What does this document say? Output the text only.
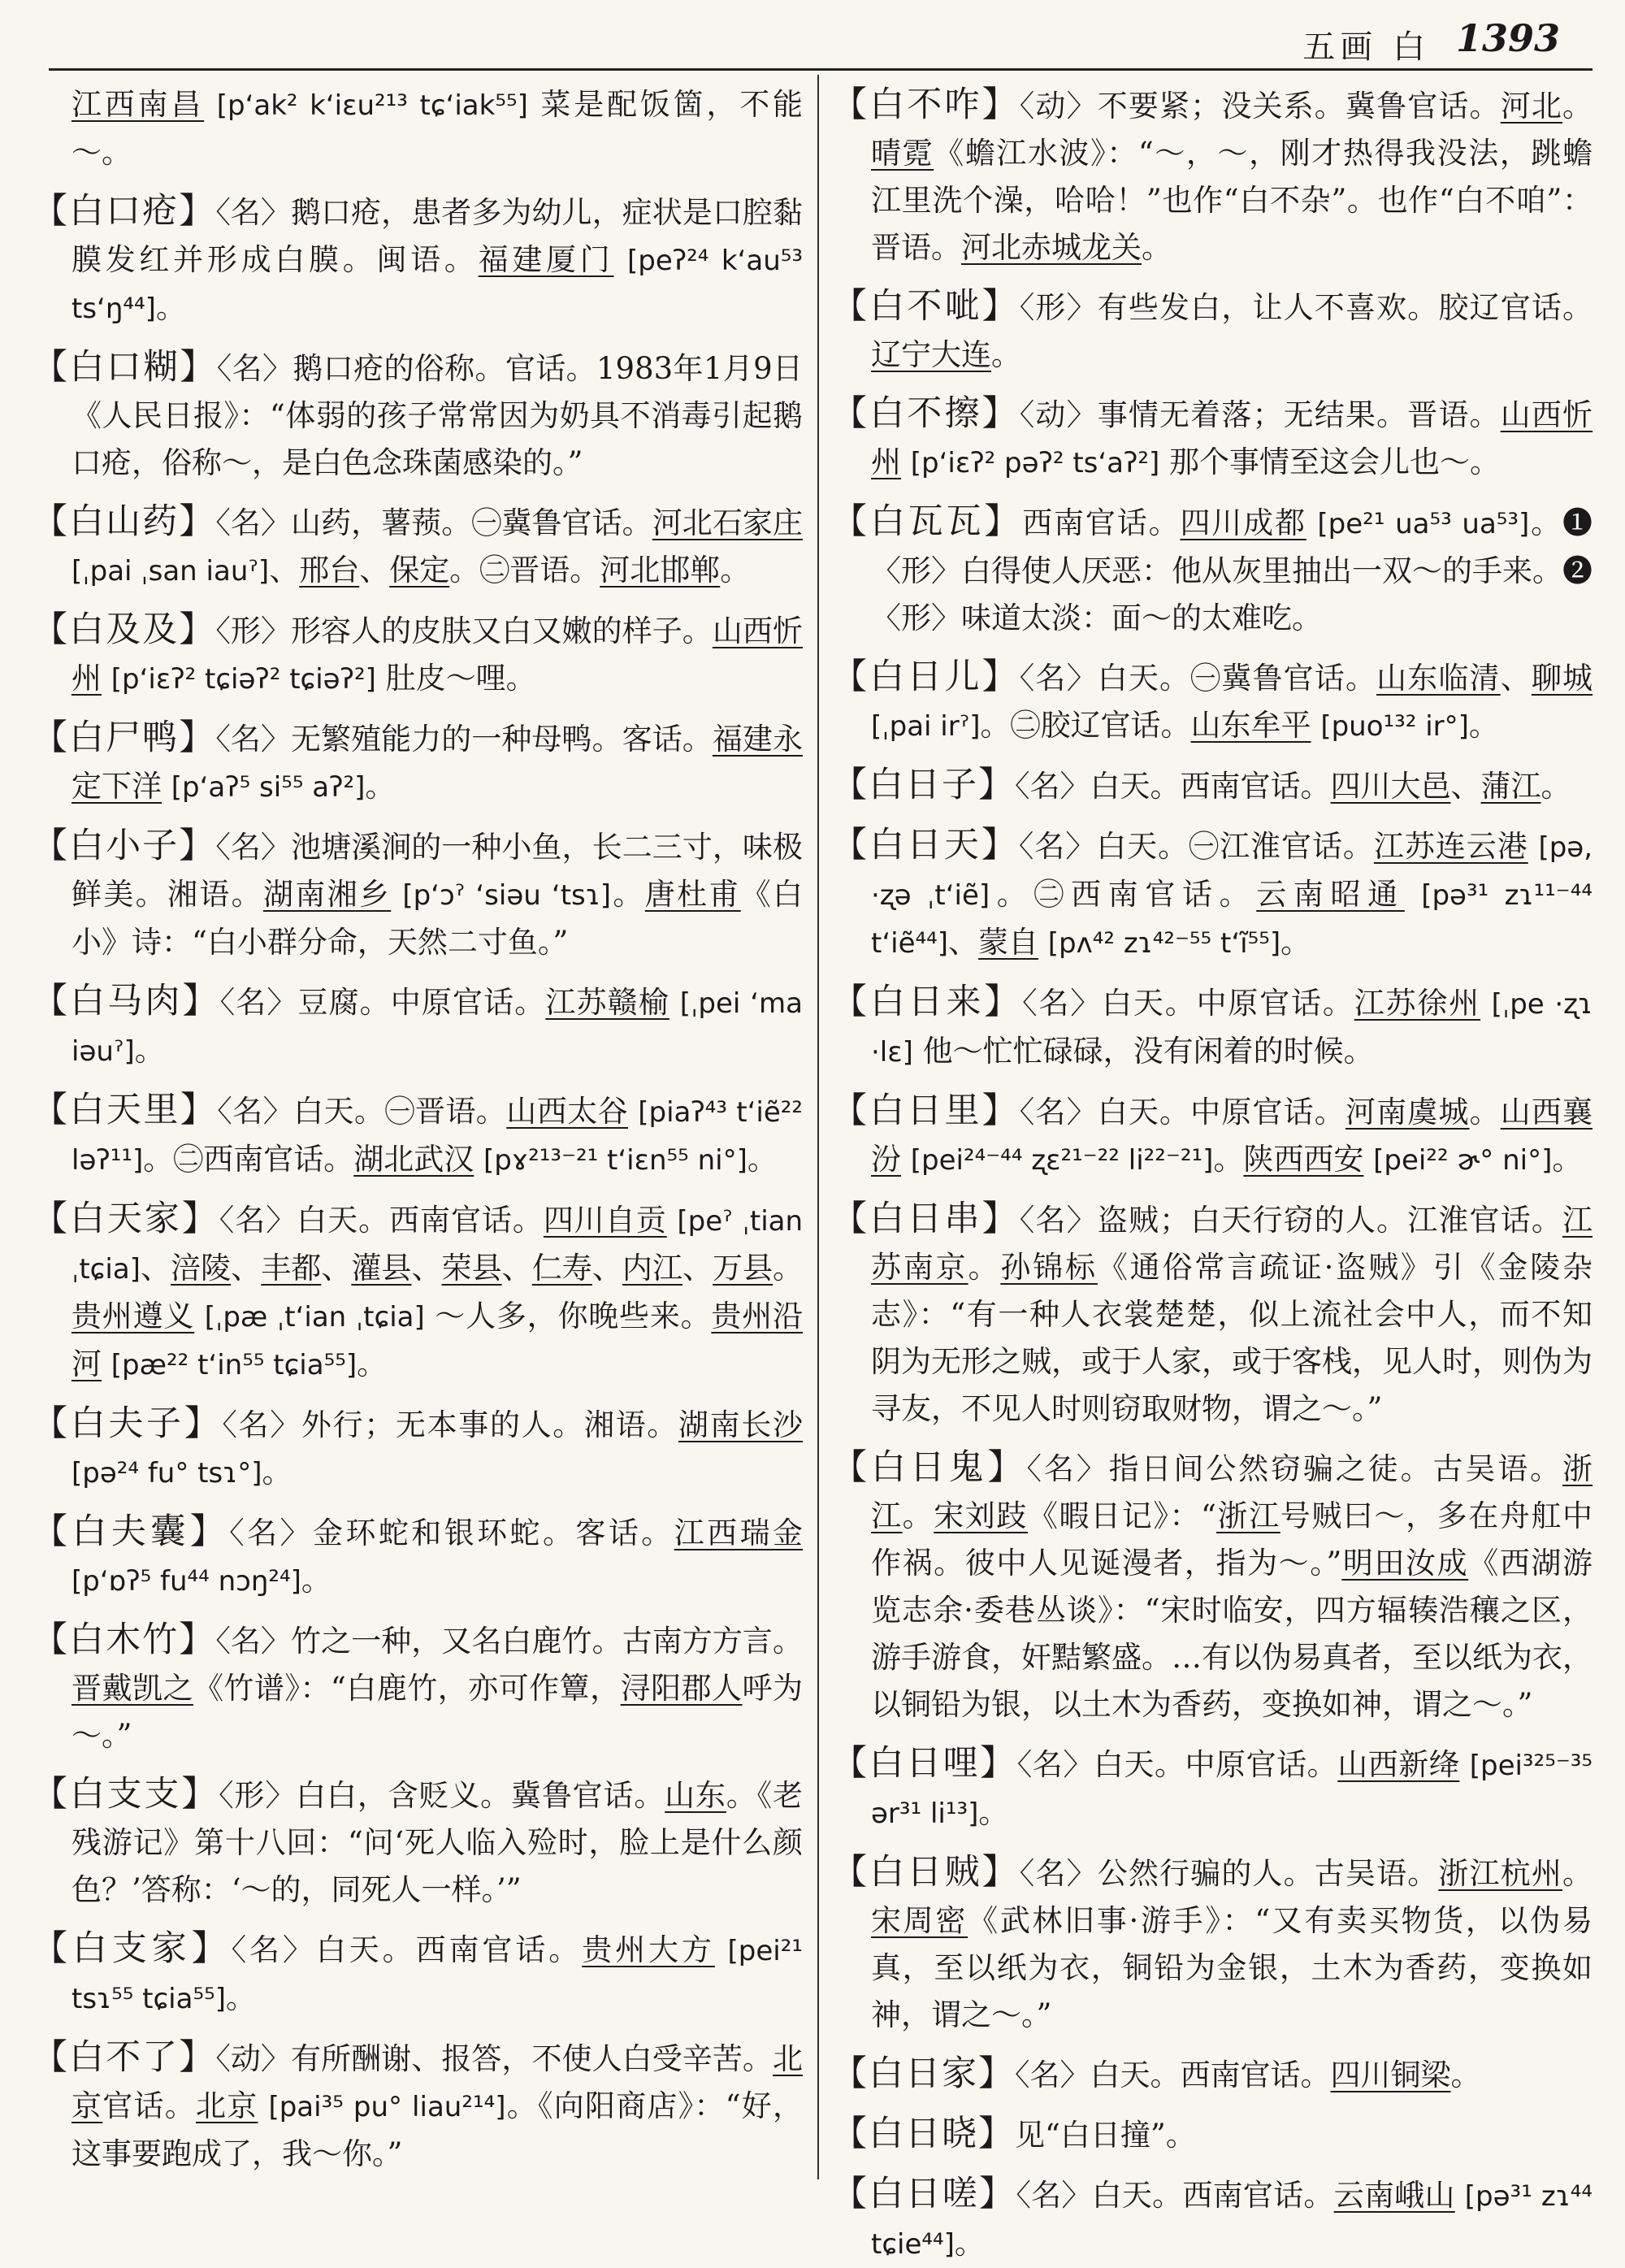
五画 白 1393

江西南昌 [p‘ak² k‘iɛu²¹³ tɕ‘iak⁵⁵] 菜是配饭箇，不能～。

【白口疮】〈名〉鹅口疮，患者多为幼儿，症状是口腔黏膜发红并形成白膜。闽语。福建厦门 [peʔ²⁴ k‘au⁵³ ts‘ŋ⁴⁴]。

【白口糊】〈名〉鹅口疮的俗称。官话。1983年1月9日《人民日报》：“体弱的孩子常常因为奶具不消毒引起鹅口疮，俗称～，是白色念珠菌感染的。”

【白山药】〈名〉山药，薯蓣。㊀冀鲁官话。河北石家庄 [ˌpai ˌsan iauˀ]、邢台、保定。㊁晋语。河北邯郸。

【白及及】〈形〉形容人的皮肤又白又嫩的样子。山西忻州 [p‘iɛʔ² tɕiəʔ² tɕiəʔ²] 肚皮～哩。

【白尸鸭】〈名〉无繁殖能力的一种母鸭。客话。福建永定下洋 [p‘aʔ⁵ si⁵⁵ aʔ²]。

【白小子】〈名〉池塘溪涧的一种小鱼，长二三寸，味极鲜美。湘语。湖南湘乡 [p‘ɔˀ ‘siəu ‘tsɿ]。唐杜甫《白小》诗：“白小群分命，天然二寸鱼。”

【白马肉】〈名〉豆腐。中原官话。江苏赣榆 [ˌpei ‘ma iəuˀ]。

【白天里】〈名〉白天。㊀晋语。山西太谷 [piaʔ⁴³ t‘iẽ²² ləʔ¹¹]。㊁西南官话。湖北武汉 [pɤ²¹³⁻²¹ t‘iɛn⁵⁵ ni°]。

【白天家】〈名〉白天。西南官话。四川自贡 [peˀ ˌtian ˌtɕia]、涪陵、丰都、灌县、荣县、仁寿、内江、万县。贵州遵义 [ˌpæ ˌt‘ian ˌtɕia] ～人多，你晚些来。贵州沿河 [pæ²² t‘in⁵⁵ tɕia⁵⁵]。

【白夫子】〈名〉外行；无本事的人。湘语。湖南长沙 [pə²⁴ fu° tsɿ°]。

【白夫囊】〈名〉金环蛇和银环蛇。客话。江西瑞金 [p‘ɒʔ⁵ fu⁴⁴ nɔŋ²⁴]。

【白木竹】〈名〉竹之一种，又名白鹿竹。古南方方言。晋戴凯之《竹谱》：“白鹿竹，亦可作簟，浔阳郡人呼为～。”

【白支支】〈形〉白白，含贬义。冀鲁官话。山东。《老残游记》第十八回：“问‘死人临入殓时，脸上是什么颜色？’答称：‘～的，同死人一样。’”

【白支家】〈名〉白天。西南官话。贵州大方 [pei²¹ tsɿ⁵⁵ tɕia⁵⁵]。

【白不了】〈动〉有所酬谢、报答，不使人白受辛苦。北京官话。北京 [pai³⁵ pu° liau²¹⁴]。《向阳商店》：“好，这事要跑成了，我～你。”

【白不咋】〈动〉不要紧；没关系。冀鲁官话。河北。晴霓《蟾江水波》：“～，～，刚才热得我没法，跳蟾江里洗个澡，哈哈！”也作“白不杂”。也作“白不咱”：晋语。河北赤城龙关。

【白不呲】〈形〉有些发白，让人不喜欢。胶辽官话。辽宁大连。

【白不擦】〈动〉事情无着落；无结果。晋语。山西忻州 [p‘iɛʔ² pəʔ² ts‘aʔ²] 那个事情至这会儿也～。

【白瓦瓦】西南官话。四川成都 [pe²¹ ua⁵³ ua⁵³]。❶〈形〉白得使人厌恶：他从灰里抽出一双～的手来。❷〈形〉味道太淡：面～的太难吃。

【白日儿】〈名〉白天。㊀冀鲁官话。山东临清、聊城 [ˌpai irˀ]。㊁胶辽官话。山东牟平 [puo¹³² ir°]。

【白日子】〈名〉白天。西南官话。四川大邑、蒲江。

【白日天】〈名〉白天。㊀江淮官话。江苏连云港 [pə, ·ʐə ˌt‘iẽ]。㊁西南官话。云南昭通 [pə³¹ zɿ¹¹⁻⁴⁴ t‘iẽ⁴⁴]、蒙自 [pʌ⁴² zɿ⁴²⁻⁵⁵ t‘ĩ⁵⁵]。

【白日来】〈名〉白天。中原官话。江苏徐州 [ˌpe ·ʐɿ ·lɛ] 他～忙忙碌碌，没有闲着的时候。

【白日里】〈名〉白天。中原官话。河南虞城。山西襄汾 [pei²⁴⁻⁴⁴ ʐɛ²¹⁻²² li²²⁻²¹]。陕西西安 [pei²² ɚ° ni°]。

【白日串】〈名〉盗贼；白天行窃的人。江淮官话。江苏南京。孙锦标《通俗常言疏证·盗贼》引《金陵杂志》：“有一种人衣裳楚楚，似上流社会中人，而不知阴为无形之贼，或于人家，或于客栈，见人时，则伪为寻友，不见人时则窃取财物，谓之～。”

【白日鬼】〈名〉指日间公然窃骗之徒。古吴语。浙江。宋刘跂《暇日记》：“浙江号贼曰～，多在舟舡中作祸。彼中人见诞漫者，指为～。”明田汝成《西湖游览志余·委巷丛谈》：“宋时临安，四方辐辏浩穰之区，游手游食，奸黠繁盛。…有以伪易真者，至以纸为衣，以铜铅为银，以土木为香药，变换如神，谓之～。”

【白日哩】〈名〉白天。中原官话。山西新绛 [pei³²⁵⁻³⁵ ər³¹ li¹³]。

【白日贼】〈名〉公然行骗的人。古吴语。浙江杭州。宋周密《武林旧事·游手》：“又有卖买物货，以伪易真，至以纸为衣，铜铅为金银，土木为香药，变换如神，谓之～。”

【白日家】〈名〉白天。西南官话。四川铜梁。

【白日晓】见“白日撞”。

【白日嗟】〈名〉白天。西南官话。云南峨山 [pə³¹ zɿ⁴⁴ tɕie⁴⁴]。
